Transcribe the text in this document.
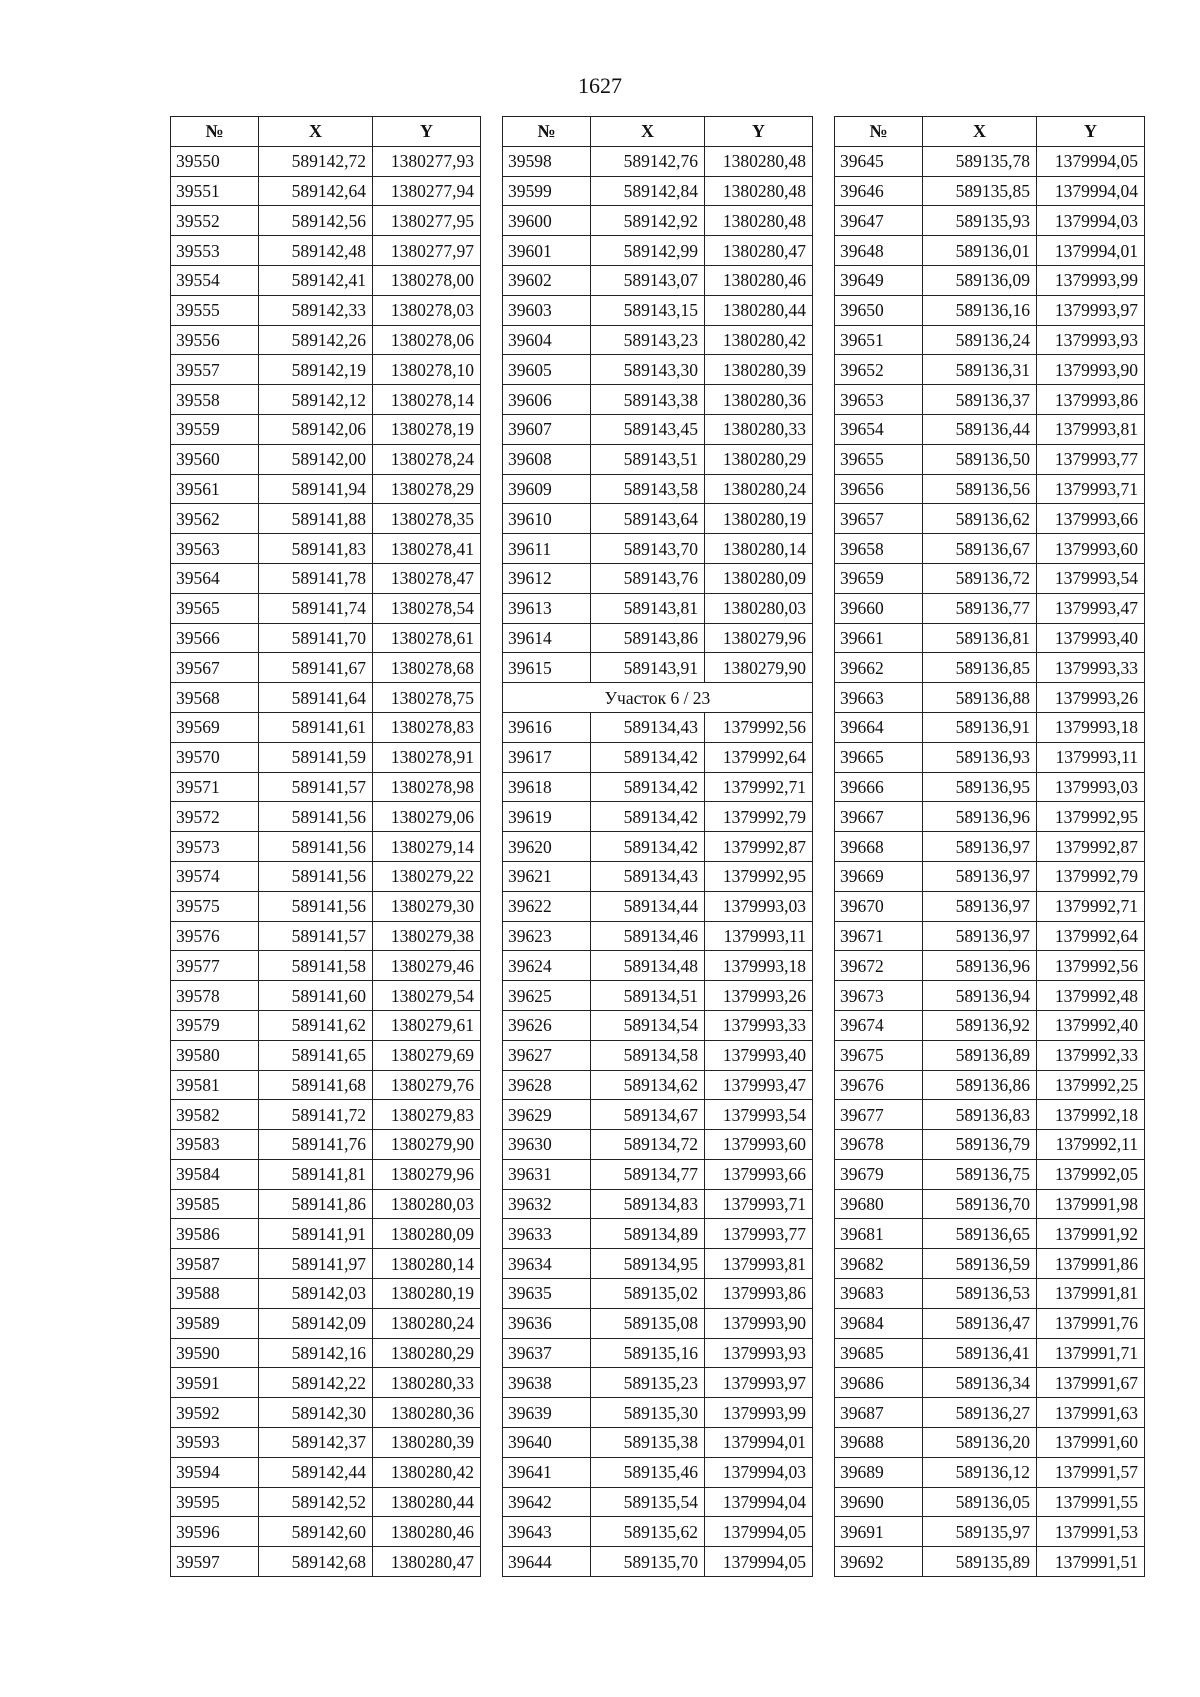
1627
№	X	Y
39550	589142,72	1380277,93
39551	589142,64	1380277,94
39552	589142,56	1380277,95
39553	589142,48	1380277,97
39554	589142,41	1380278,00
39555	589142,33	1380278,03
39556	589142,26	1380278,06
39557	589142,19	1380278,10
39558	589142,12	1380278,14
39559	589142,06	1380278,19
39560	589142,00	1380278,24
39561	589141,94	1380278,29
39562	589141,88	1380278,35
39563	589141,83	1380278,41
39564	589141,78	1380278,47
39565	589141,74	1380278,54
39566	589141,70	1380278,61
39567	589141,67	1380278,68
39568	589141,64	1380278,75
39569	589141,61	1380278,83
39570	589141,59	1380278,91
39571	589141,57	1380278,98
39572	589141,56	1380279,06
39573	589141,56	1380279,14
39574	589141,56	1380279,22
39575	589141,56	1380279,30
39576	589141,57	1380279,38
39577	589141,58	1380279,46
39578	589141,60	1380279,54
39579	589141,62	1380279,61
39580	589141,65	1380279,69
39581	589141,68	1380279,76
39582	589141,72	1380279,83
39583	589141,76	1380279,90
39584	589141,81	1380279,96
39585	589141,86	1380280,03
39586	589141,91	1380280,09
39587	589141,97	1380280,14
39588	589142,03	1380280,19
39589	589142,09	1380280,24
39590	589142,16	1380280,29
39591	589142,22	1380280,33
39592	589142,30	1380280,36
39593	589142,37	1380280,39
39594	589142,44	1380280,42
39595	589142,52	1380280,44
39596	589142,60	1380280,46
39597	589142,68	1380280,47
№	X	Y
39598	589142,76	1380280,48
39599	589142,84	1380280,48
39600	589142,92	1380280,48
39601	589142,99	1380280,47
39602	589143,07	1380280,46
39603	589143,15	1380280,44
39604	589143,23	1380280,42
39605	589143,30	1380280,39
39606	589143,38	1380280,36
39607	589143,45	1380280,33
39608	589143,51	1380280,29
39609	589143,58	1380280,24
39610	589143,64	1380280,19
39611	589143,70	1380280,14
39612	589143,76	1380280,09
39613	589143,81	1380280,03
39614	589143,86	1380279,96
39615	589143,91	1380279,90
Участок 6 / 23		
39616	589134,43	1379992,56
39617	589134,42	1379992,64
39618	589134,42	1379992,71
39619	589134,42	1379992,79
39620	589134,42	1379992,87
39621	589134,43	1379992,95
39622	589134,44	1379993,03
39623	589134,46	1379993,11
39624	589134,48	1379993,18
39625	589134,51	1379993,26
39626	589134,54	1379993,33
39627	589134,58	1379993,40
39628	589134,62	1379993,47
39629	589134,67	1379993,54
39630	589134,72	1379993,60
39631	589134,77	1379993,66
39632	589134,83	1379993,71
39633	589134,89	1379993,77
39634	589134,95	1379993,81
39635	589135,02	1379993,86
39636	589135,08	1379993,90
39637	589135,16	1379993,93
39638	589135,23	1379993,97
39639	589135,30	1379993,99
39640	589135,38	1379994,01
39641	589135,46	1379994,03
39642	589135,54	1379994,04
39643	589135,62	1379994,05
39644	589135,70	1379994,05
№	X	Y
39645	589135,78	1379994,05
39646	589135,85	1379994,04
39647	589135,93	1379994,03
39648	589136,01	1379994,01
39649	589136,09	1379993,99
39650	589136,16	1379993,97
39651	589136,24	1379993,93
39652	589136,31	1379993,90
39653	589136,37	1379993,86
39654	589136,44	1379993,81
39655	589136,50	1379993,77
39656	589136,56	1379993,71
39657	589136,62	1379993,66
39658	589136,67	1379993,60
39659	589136,72	1379993,54
39660	589136,77	1379993,47
39661	589136,81	1379993,40
39662	589136,85	1379993,33
39663	589136,88	1379993,26
39664	589136,91	1379993,18
39665	589136,93	1379993,11
39666	589136,95	1379993,03
39667	589136,96	1379992,95
39668	589136,97	1379992,87
39669	589136,97	1379992,79
39670	589136,97	1379992,71
39671	589136,97	1379992,64
39672	589136,96	1379992,56
39673	589136,94	1379992,48
39674	589136,92	1379992,40
39675	589136,89	1379992,33
39676	589136,86	1379992,25
39677	589136,83	1379992,18
39678	589136,79	1379992,11
39679	589136,75	1379992,05
39680	589136,70	1379991,98
39681	589136,65	1379991,92
39682	589136,59	1379991,86
39683	589136,53	1379991,81
39684	589136,47	1379991,76
39685	589136,41	1379991,71
39686	589136,34	1379991,67
39687	589136,27	1379991,63
39688	589136,20	1379991,60
39689	589136,12	1379991,57
39690	589136,05	1379991,55
39691	589135,97	1379991,53
39692	589135,89	1379991,51
